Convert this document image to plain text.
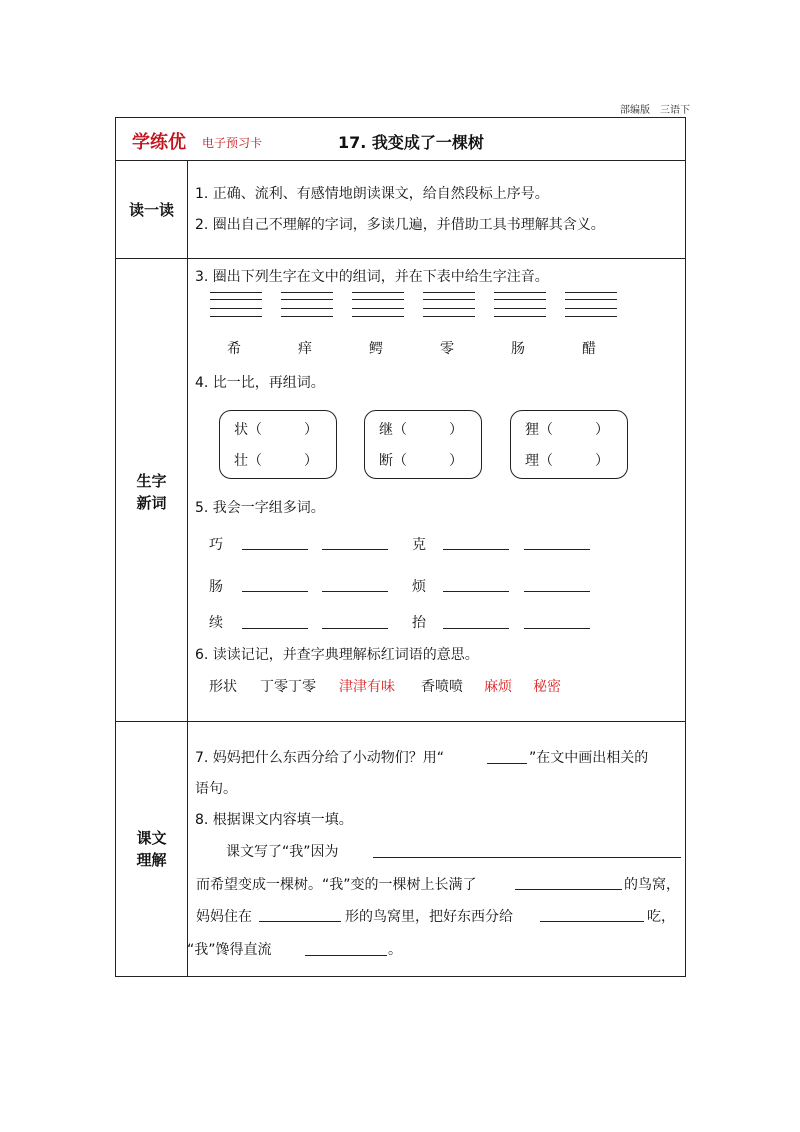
部编版　三语下
学练优 电子预习卡	17. 我变成了一棵树
读一读
1. 正确、流利、有感情地朗读课文，给自然段标上序号。
2. 圈出自己不理解的字词，多读几遍，并借助工具书理解其含义。
生字
新词
3. 圈出下列生字在文中的组词，并在下表中给生字注音。
希	痒	鳄	零	肠	醋
4. 比一比，再组词。
状（　　　）
壮（　　　）
继（　　　）
断（　　　）
狸（　　　）
理（　　　）
5. 我会一字组多词。
巧	克
肠	烦
续	抬
6. 读读记记，并查字典理解标红词语的意思。
形状 丁零丁零 津津有味 香喷喷 麻烦 秘密
课文
理解
7. 妈妈把什么东西分给了小动物们？用“	”在文中画出相关的
语句。
8. 根据课文内容填一填。
课文写了“我”因为
而希望变成一棵树。“我”变的一棵树上长满了	的鸟窝，
妈妈住在	形的鸟窝里，把好东西分给	吃，
“我”馋得直流	。
